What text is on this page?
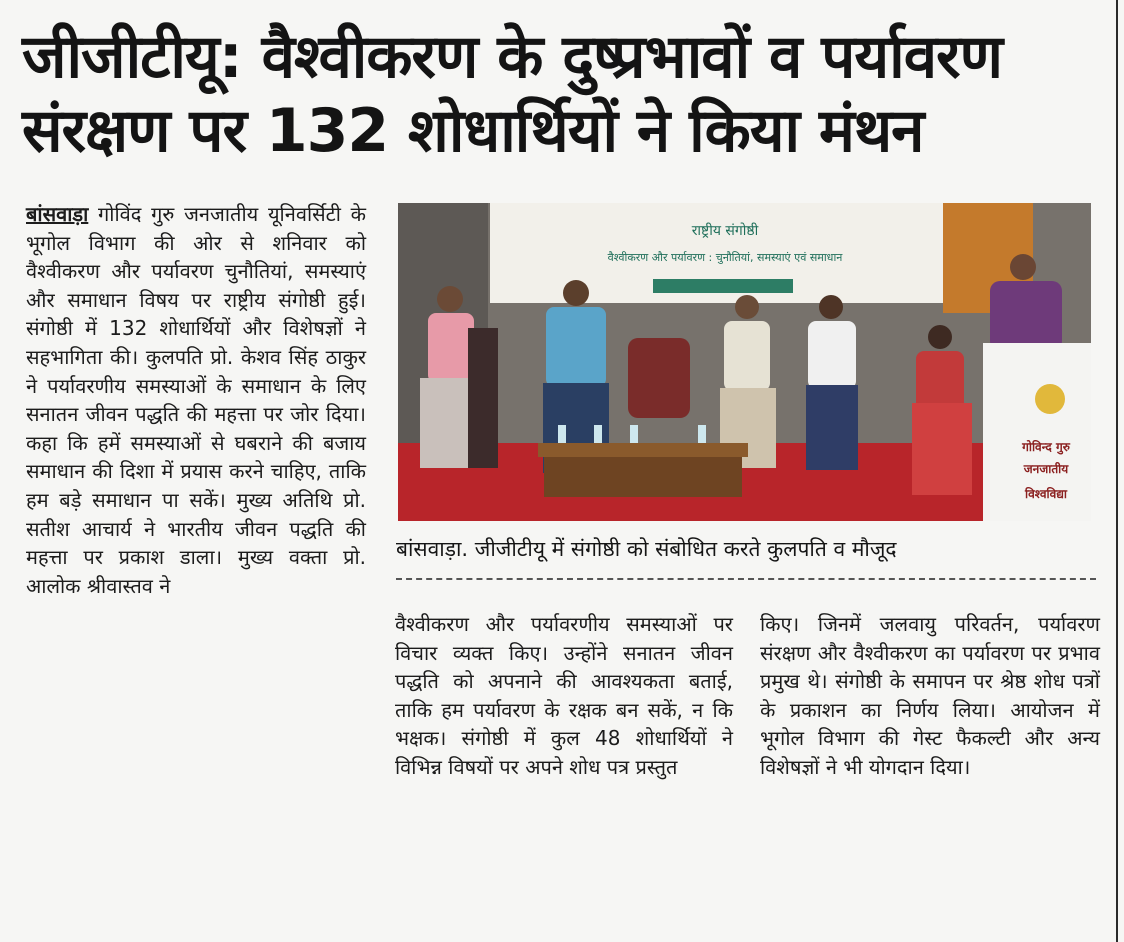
जीजीटीयू: वैश्वीकरण के दुष्प्रभावों व पर्यावरण
संरक्षण पर 132 शोधार्थियों ने किया मंथन
बांसवाड़ा गोविंद गुरु जनजातीय यूनिवर्सिटी के भूगोल विभाग की ओर से शनिवार को वैश्वीकरण और पर्यावरण चुनौतियां, समस्याएं और समाधान विषय पर राष्ट्रीय संगोष्ठी हुई। संगोष्ठी में 132 शोधार्थियों और विशेषज्ञों ने सहभागिता की। कुलपति प्रो. केशव सिंह ठाकुर ने पर्यावरणीय समस्याओं के समाधान के लिए सनातन जीवन पद्धति की महत्ता पर जोर दिया। कहा कि हमें समस्याओं से घबराने की बजाय समाधान की दिशा में प्रयास करने चाहिए, ताकि हम बड़े समाधान पा सकें। मुख्य अतिथि प्रो. सतीश आचार्य ने भारतीय जीवन पद्धति की महत्ता पर प्रकाश डाला। मुख्य वक्ता प्रो. आलोक श्रीवास्तव ने
राष्ट्रीय संगोष्ठी
वैश्वीकरण और पर्यावरण : चुनौतियां, समस्याएं एवं समाधान
गोविन्द गुरु
जनजातीय
विश्वविद्या
बांसवाड़ा. जीजीटीयू में संगोष्ठी को संबोधित करते कुलपति व मौजूद
वैश्वीकरण और पर्यावरणीय समस्याओं पर विचार व्यक्त किए। उन्होंने सनातन जीवन पद्धति को अपनाने की आवश्यकता बताई, ताकि हम पर्यावरण के रक्षक बन सकें, न कि भक्षक। संगोष्ठी में कुल 48 शोधार्थियों ने विभिन्न विषयों पर अपने शोध पत्र प्रस्तुत
किए। जिनमें जलवायु परिवर्तन, पर्यावरण संरक्षण और वैश्वीकरण का पर्यावरण पर प्रभाव प्रमुख थे। संगोष्ठी के समापन पर श्रेष्ठ शोध पत्रों के प्रकाशन का निर्णय लिया। आयोजन में भूगोल विभाग की गेस्ट फैकल्टी और अन्य विशेषज्ञों ने भी योगदान दिया।
